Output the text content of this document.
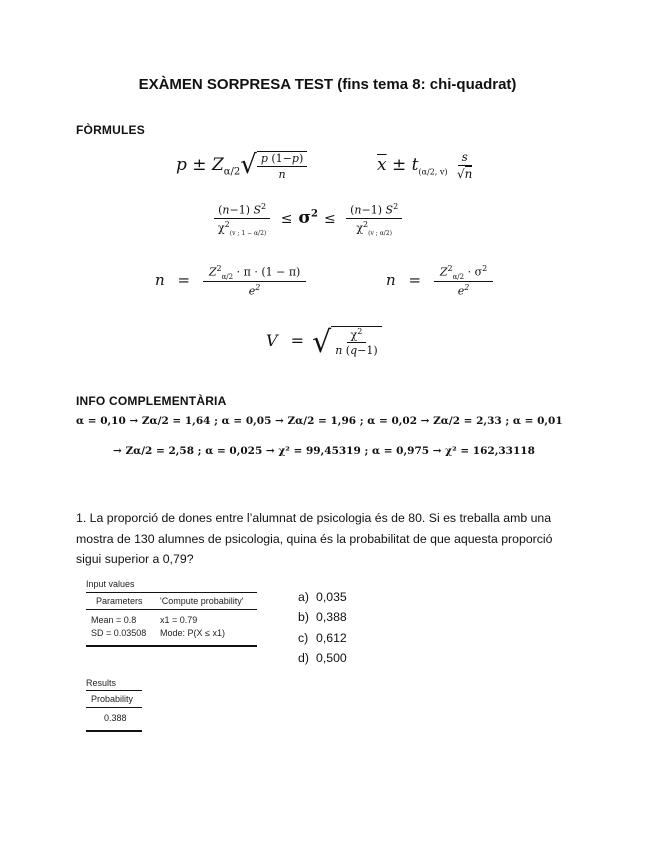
EXÀMEN SORPRESA TEST (fins tema 8: chi-quadrat)
FÒRMULES
$p \pm Z_{\alpha/2}√ \frac{p (1-p)}{n}$	$\overline{x} \pm t_{(\alpha/2, v)} \frac{s}{√n}$
$\frac{(n-1) S^2}{\chi^2_{(v ; 1 - \alpha/2)}} \le \sigma^2 \le \frac{(n-1) S^2}{\chi^2_{(v ; \alpha/2)}}$
$n = \frac{Z^2_{\alpha/2} \cdot \pi \cdot (1 - \pi)}{e^2}$	$n = \frac{Z^2_{\alpha/2} \cdot \sigma^2}{e^2}$
V = √ $\frac{\chi^2}{n (q-1)}$
INFO COMPLEMENTÀRIA
α = 0,10 → Zα/2 = 1,64 ; α = 0,05 → Zα/2 = 1,96 ; α = 0,02 → Zα/2 = 2,33 ; α = 0,01
→ Zα/2 = 2,58 ; α = 0,025 → χ² = 99,45319 ; α = 0,975 → χ² = 162,33118
1. La proporció de dones entre l’alumnat de psicologia és de 80. Si es treballa amb una mostra de 130 alumnes de psicologia, quina és la probabilitat de que aquesta proporció sigui superior a 0,79?
Input values
Parameters 'Compute probability'
Mean = 0.8	x1 = 0.79
SD = 0.03508 Mode: P(X ≤ x1)
Results
Probability
0.388
a) 0,035
b) 0,388
c) 0,612
d) 0,500
